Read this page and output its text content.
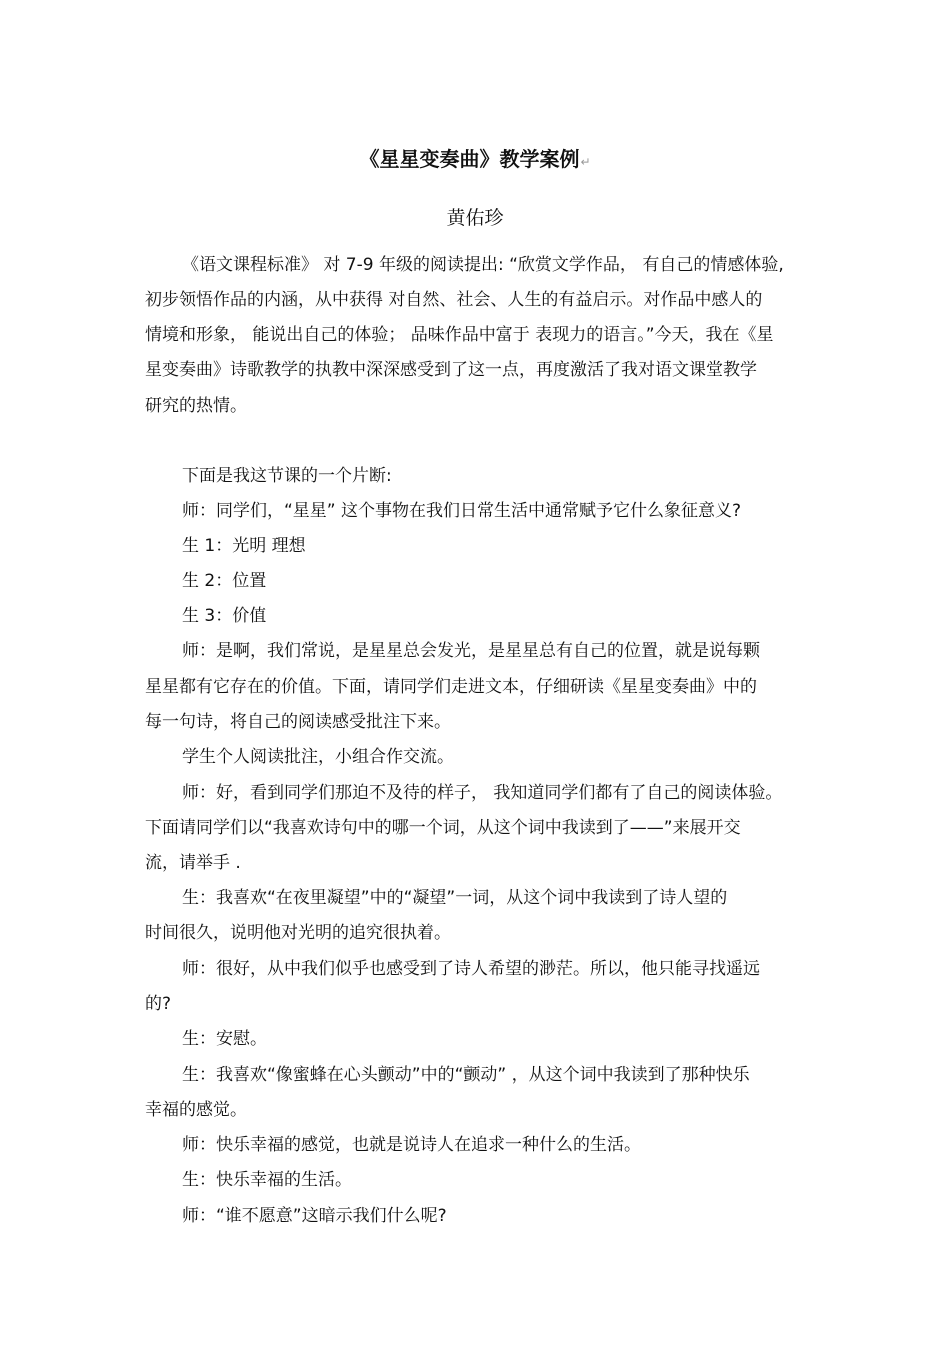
《星星变奏曲》教学案例↵
黄佑珍
《语文课程标准》 对 7-9 年级的阅读提出: “欣赏文学作品， 有自己的情感体验,
初步领悟作品的内涵，从中获得 对自然、社会、人生的有益启示。对作品中感人的
情境和形象， 能说出自己的体验； 品味作品中富于 表现力的语言。”今天，我在《星
星变奏曲》诗歌教学的执教中深深感受到了这一点，再度激活了我对语文课堂教学
研究的热情。
下面是我这节课的一个片断:
师：同学们，“星星” 这个事物在我们日常生活中通常赋予它什么象征意义?
生 1：光明 理想
生 2：位置
生 3：价值
师：是啊，我们常说，是星星总会发光，是星星总有自己的位置，就是说每颗
星星都有它存在的价值。下面，请同学们走进文本，仔细研读《星星变奏曲》中的
每一句诗，将自己的阅读感受批注下来。
学生个人阅读批注，小组合作交流。
师：好，看到同学们那迫不及待的样子， 我知道同学们都有了自己的阅读体验。
下面请同学们以“我喜欢诗句中的哪一个词，从这个词中我读到了——”来展开交
流，请举手 .
生：我喜欢“在夜里凝望”中的“凝望”一词，从这个词中我读到了诗人望的
时间很久，说明他对光明的追究很执着。
师：很好，从中我们似乎也感受到了诗人希望的渺茫。所以，他只能寻找遥远
的?
生：安慰。
生：我喜欢“像蜜蜂在心头颤动”中的“颤动” ，从这个词中我读到了那种快乐
幸福的感觉。
师：快乐幸福的感觉，也就是说诗人在追求一种什么的生活。
生：快乐幸福的生活。
师：“谁不愿意”这暗示我们什么呢?
